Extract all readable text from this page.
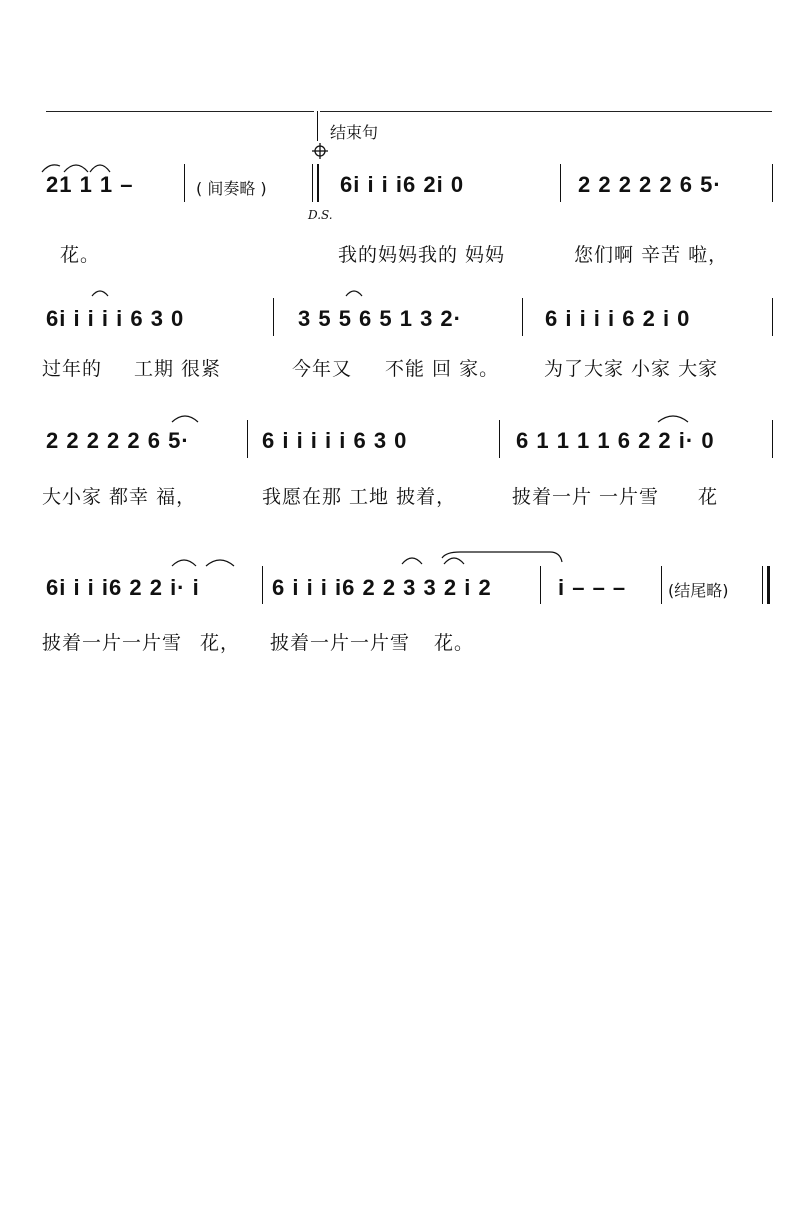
结束句
21 1 1 –	( 间奏略 )
D.S.
6i i i i6 2i 0	2 2 2 2 2 6 5·
花。	我的妈妈我的 妈妈	您们啊 辛苦 啦，
6i i i i i 6 3 0	3 5 5 6 5 1 3 2·	6 i i i i 6 2 i 0
过年的 工期 很紧	今年又 不能 回 家。 为了大家 小家 大家
2 2 2 2 2 6 5·	6 i i i i i 6 3 0	6 1 1 1 1 6 2 2 i· 0
大小家 都幸 福，	我愿在那 工地 披着，	披着一片 一片雪 花
6i i i i6 2 2 i· i	6 i i i i6 2 2 3 3 2 i 2	i – – –	(结尾略)
披着一片一片雪 花， 披着一片一片雪 花。
